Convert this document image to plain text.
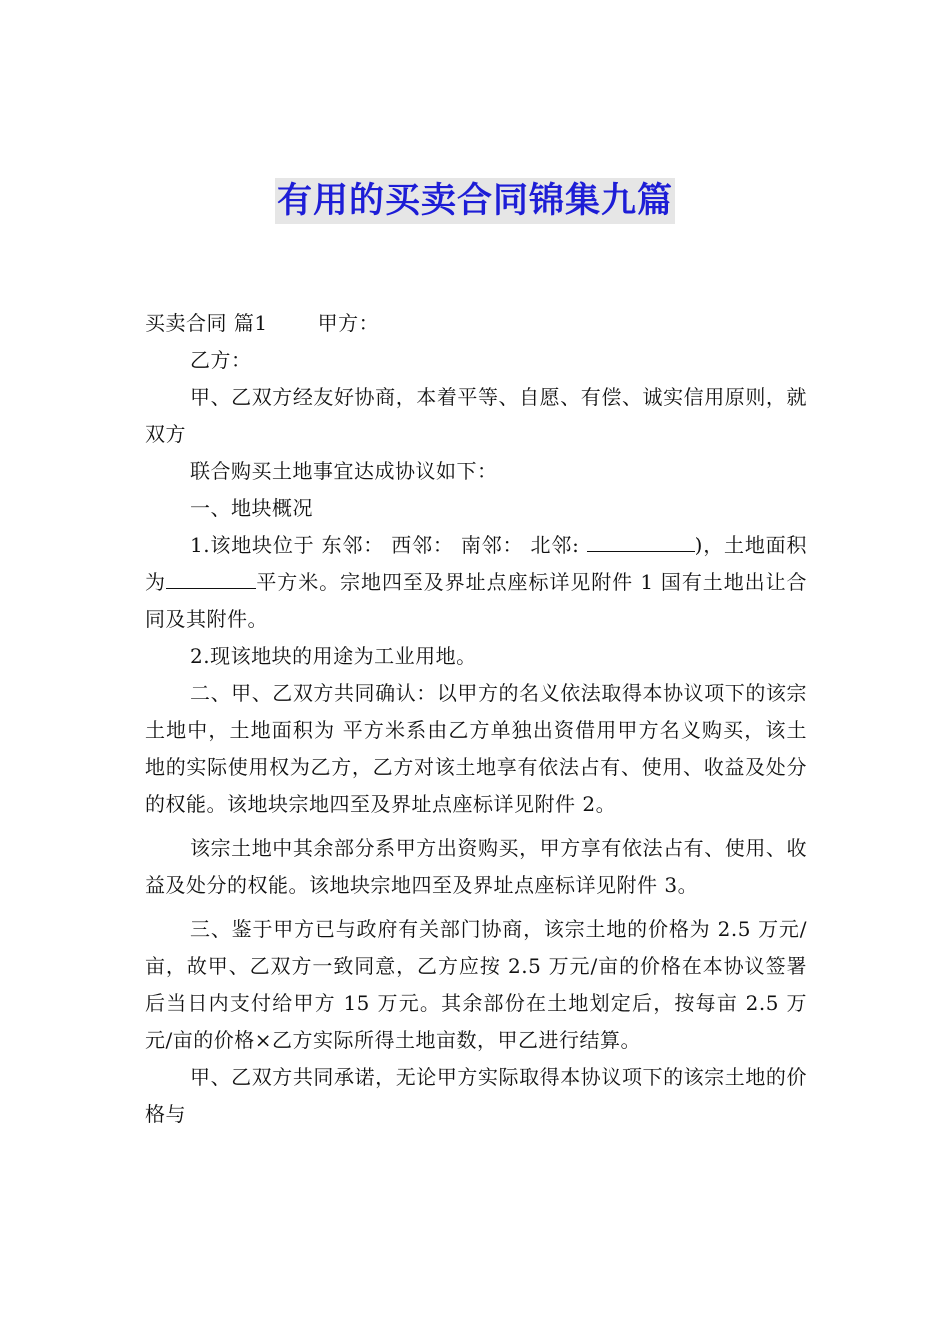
有用的买卖合同锦集九篇

买卖合同 篇1	甲方：

乙方：

甲、乙双方经友好协商，本着平等、自愿、有偿、诚实信用原则，就双方

联合购买土地事宜达成协议如下：

一、地块概况

1.该地块位于 东邻： 西邻： 南邻： 北邻:	)，土地面积为	平方米。宗地四至及界址点座标详见附件 1 国有土地出让合同及其附件。

2.现该地块的用途为工业用地。

二、甲、乙双方共同确认：以甲方的名义依法取得本协议项下的该宗土地中，土地面积为 平方米系由乙方单独出资借用甲方名义购买，该土地的实际使用权为乙方，乙方对该土地享有依法占有、使用、收益及处分的权能。该地块宗地四至及界址点座标详见附件 2。

该宗土地中其余部分系甲方出资购买，甲方享有依法占有、使用、收益及处分的权能。该地块宗地四至及界址点座标详见附件 3。

三、鉴于甲方已与政府有关部门协商，该宗土地的价格为 2.5 万元/亩，故甲、乙双方一致同意，乙方应按 2.5 万元/亩的价格在本协议签署后当日内支付给甲方 15 万元。其余部份在土地划定后，按每亩 2.5 万元/亩的价格×乙方实际所得土地亩数，甲乙进行结算。

甲、乙双方共同承诺，无论甲方实际取得本协议项下的该宗土地的价格与
